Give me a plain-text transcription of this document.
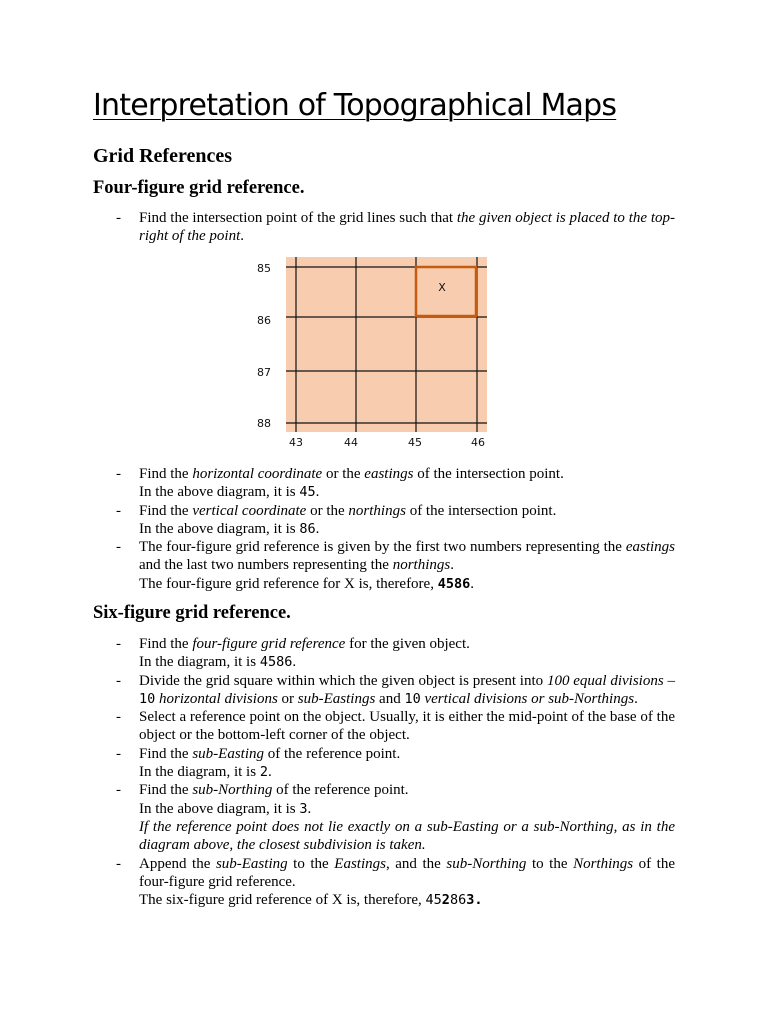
Interpretation of Topographical Maps
Grid References
Four-figure grid reference.
- Find the intersection point of the grid lines such that the given object is placed to the top-right of the point.
X
85
86
87
88
43	44	45	46
- Find the horizontal coordinate or the eastings of the intersection point.
In the above diagram, it is 45.
- Find the vertical coordinate or the northings of the intersection point.
In the above diagram, it is 86.
- The four-figure grid reference is given by the first two numbers representing the eastings and the last two numbers representing the northings.
The four-figure grid reference for X is, therefore, 4586.
Six-figure grid reference.
- Find the four-figure grid reference for the given object.
In the diagram, it is 4586.
- Divide the grid square within which the given object is present into 100 equal divisions – 10 horizontal divisions or sub-Eastings and 10 vertical divisions or sub-Northings.
- Select a reference point on the object. Usually, it is either the mid-point of the base of the object or the bottom-left corner of the object.
- Find the sub-Easting of the reference point.
In the diagram, it is 2.
- Find the sub-Northing of the reference point.
In the above diagram, it is 3.
If the reference point does not lie exactly on a sub-Easting or a sub-Northing, as in the diagram above, the closest subdivision is taken.
- Append the sub-Easting to the Eastings, and the sub-Northing to the Northings of the four-figure grid reference.
The six-figure grid reference of X is, therefore, 452863.
